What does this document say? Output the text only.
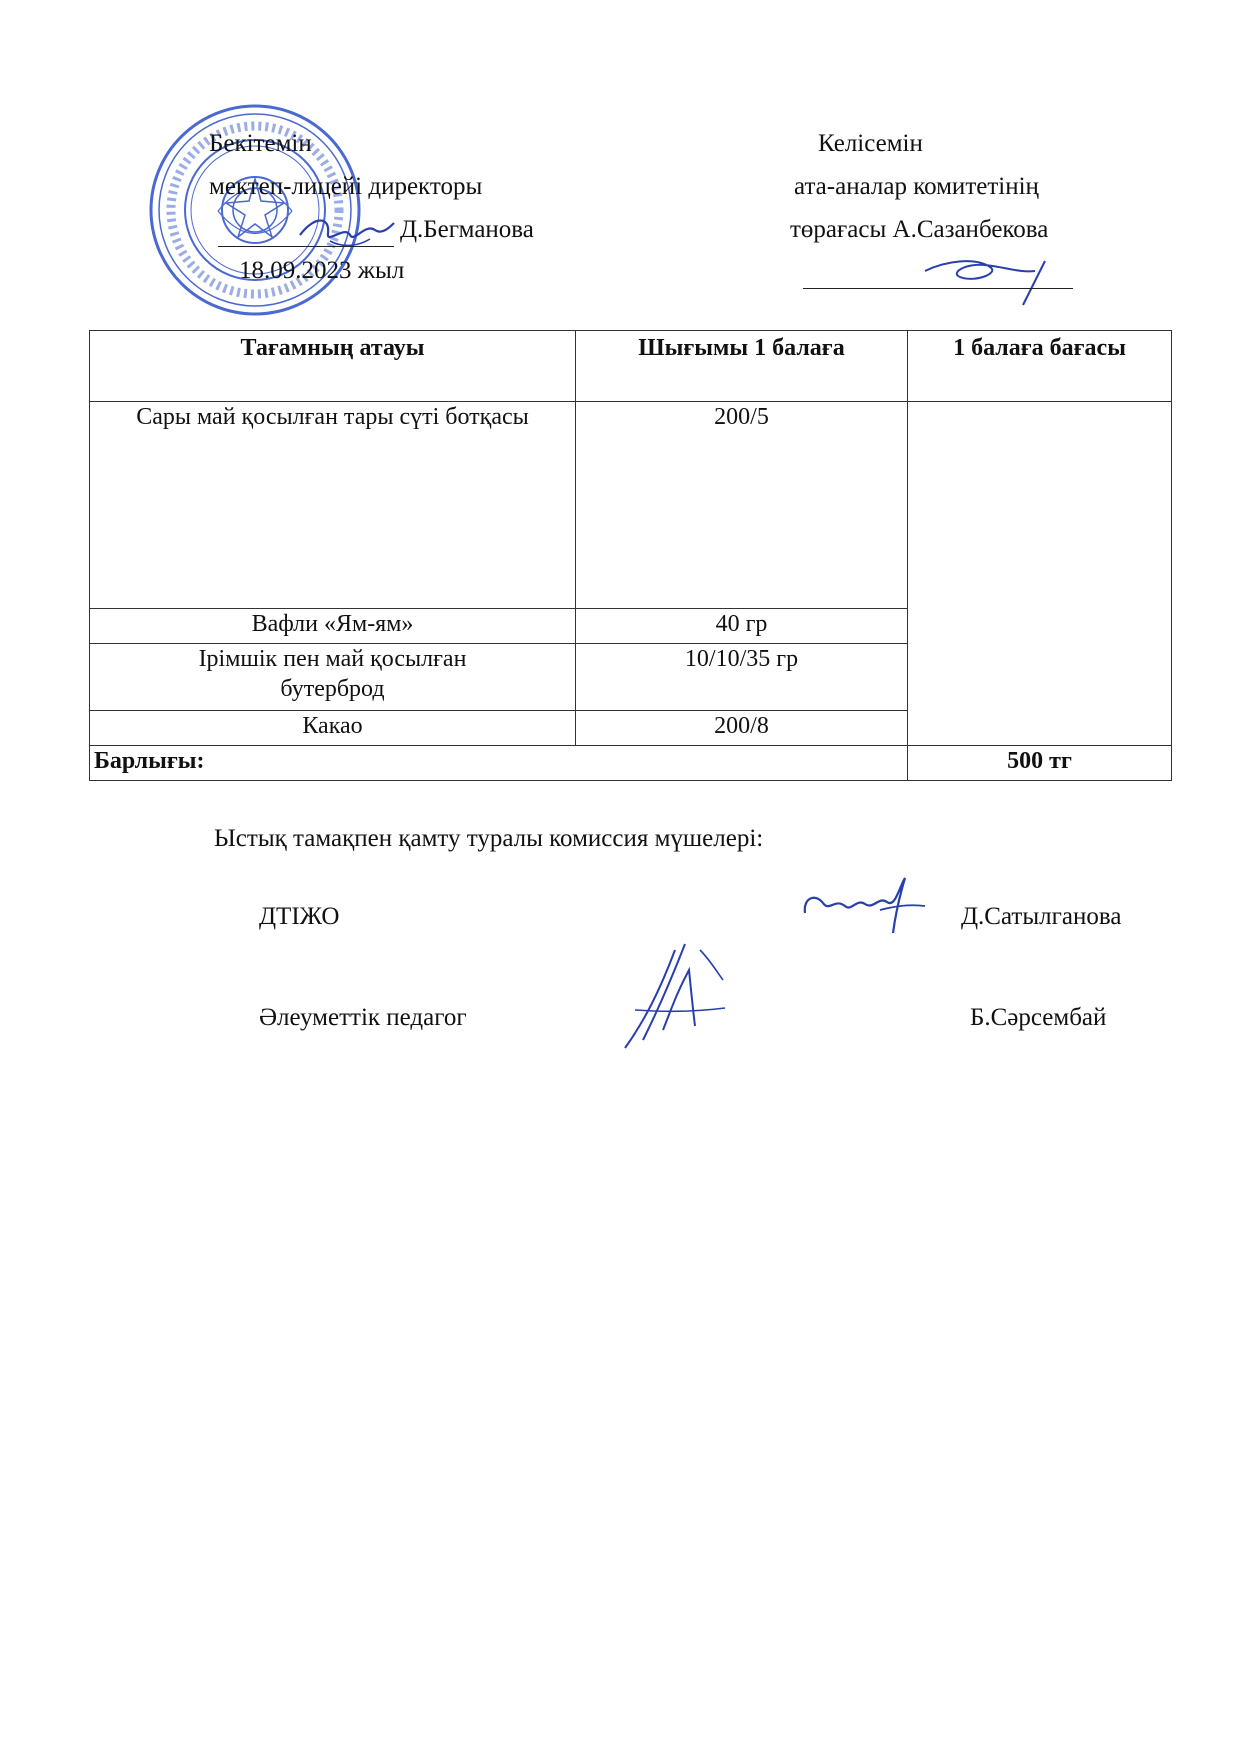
Бекітемін
мектеп-лицейі директоры
Д.Бегманова
18.09.2023 жыл
Келісемін
ата-аналар комитетінің
төрағасы А.Сазанбекова
Тағамның атауы	Шығымы 1 балаға	1 балаға бағасы
Сары май қосылған тары сүті ботқасы	200/5	
Вафли «Ям-ям»	40 гр	
Ірімшік пен май қосылған бутерброд	10/10/35 гр	
Какао	200/8	
Барлығы:		500 тг
Ыстық тамақпен қамту туралы комиссия мүшелері:
ДТІЖО	Д.Сатылганова
Әлеуметтік педагог	Б.Сәрсембай
